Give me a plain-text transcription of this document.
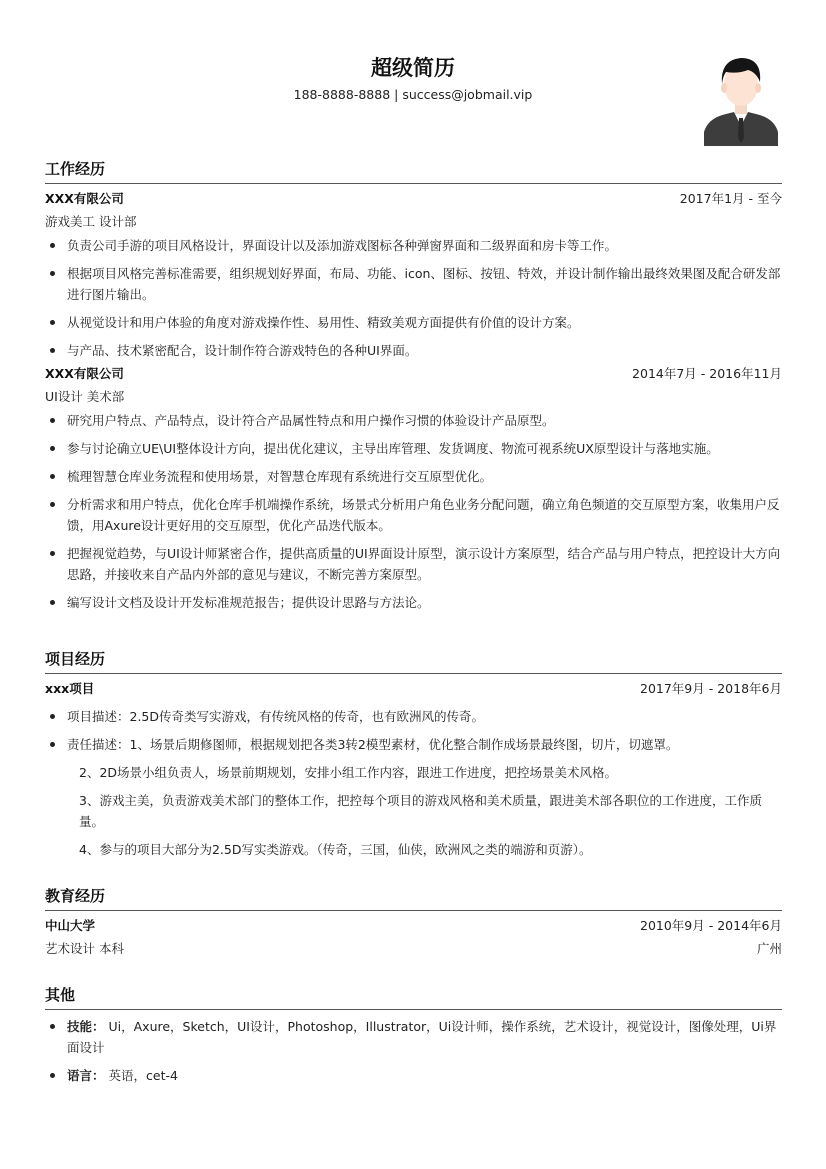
超级简历
188-8888-8888 | success@jobmail.vip
工作经历
XXX有限公司	2017年1月 - 至今
游戏美工 设计部
负责公司手游的项目风格设计，界面设计以及添加游戏图标各种弹窗界面和二级界面和房卡等工作。
根据项目风格完善标准需要，组织规划好界面，布局、功能、icon、图标、按钮、特效，并设计制作输出最终效果图及配合研发部进行图片输出。
从视觉设计和用户体验的角度对游戏操作性、易用性、精致美观方面提供有价值的设计方案。
与产品、技术紧密配合，设计制作符合游戏特色的各种UI界面。
XXX有限公司	2014年7月 - 2016年11月
UI设计 美术部
研究用户特点、产品特点，设计符合产品属性特点和用户操作习惯的体验设计产品原型。
参与讨论确立UE\UI整体设计方向，提出优化建议，主导出库管理、发货调度、物流可视系统UX原型设计与落地实施。
梳理智慧仓库业务流程和使用场景，对智慧仓库现有系统进行交互原型优化。
分析需求和用户特点，优化仓库手机端操作系统，场景式分析用户角色业务分配问题，确立角色频道的交互原型方案，收集用户反馈，用Axure设计更好用的交互原型，优化产品迭代版本。
把握视觉趋势，与UI设计师紧密合作，提供高质量的UI界面设计原型，演示设计方案原型，结合产品与用户特点，把控设计大方向思路，并接收来自产品内外部的意见与建议，不断完善方案原型。
编写设计文档及设计开发标准规范报告；提供设计思路与方法论。
项目经历
xxx项目	2017年9月 - 2018年6月
项目描述：2.5D传奇类写实游戏，有传统风格的传奇，也有欧洲风的传奇。
责任描述：1、场景后期修图师，根据规划把各类3转2模型素材，优化整合制作成场景最终图，切片，切遮罩。
2、2D场景小组负责人，场景前期规划，安排小组工作内容，跟进工作进度，把控场景美术风格。
3、游戏主美，负责游戏美术部门的整体工作，把控每个项目的游戏风格和美术质量，跟进美术部各职位的工作进度，工作质量。
4、参与的项目大部分为2.5D写实类游戏。（传奇，三国，仙侠，欧洲风之类的端游和页游）。
教育经历
中山大学	2010年9月 - 2014年6月
艺术设计 本科	广州
其他
技能： Ui，Axure，Sketch，UI设计，Photoshop，Illustrator，Ui设计师，操作系统，艺术设计，视觉设计，图像处理，Ui界面设计
语言： 英语，cet-4
